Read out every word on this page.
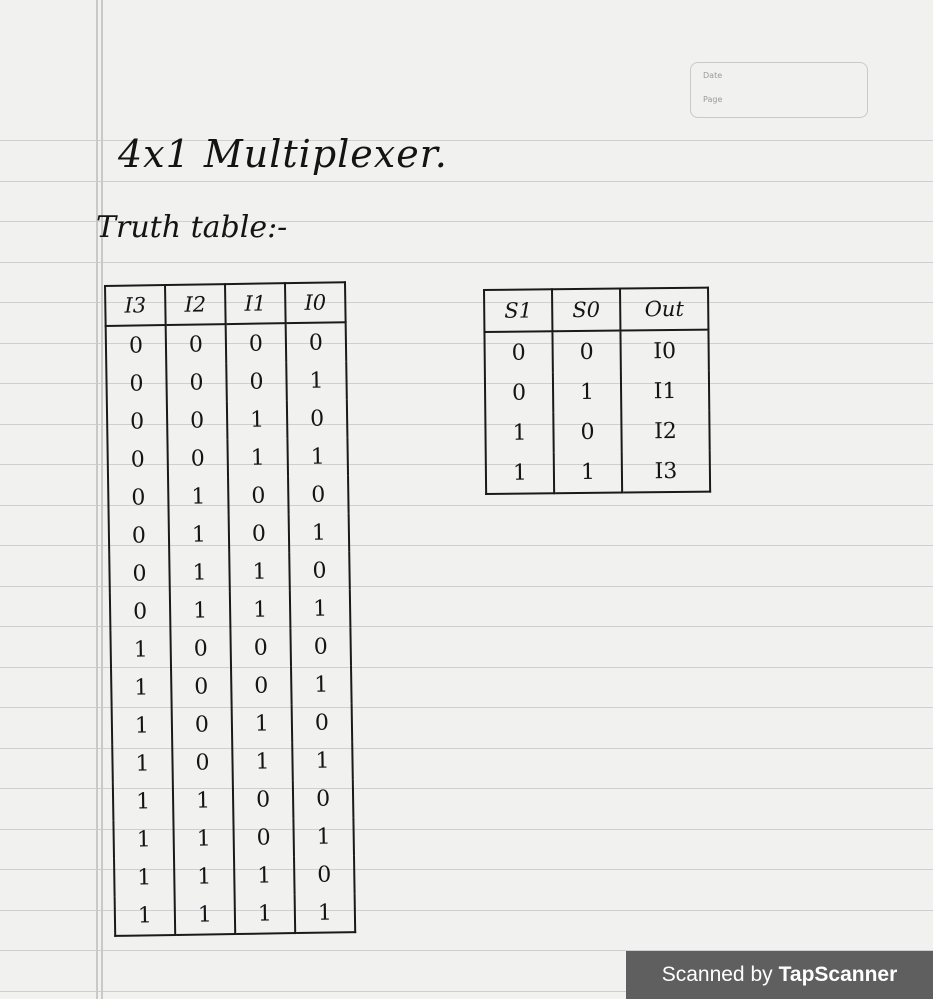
Date
Page
4x1 Multiplexer.
Truth table:-
I3	I2	I1	I0
0	0	0	0
0	0	0	1
0	0	1	0
0	0	1	1
0	1	0	0
0	1	0	1
0	1	1	0
0	1	1	1
1	0	0	0
1	0	0	1
1	0	1	0
1	0	1	1
1	1	0	0
1	1	0	1
1	1	1	0
1	1	1	1
S1	S0	Out
0	0	I0
0	1	I1
1	0	I2
1	1	I3
Scanned by TapScanner
